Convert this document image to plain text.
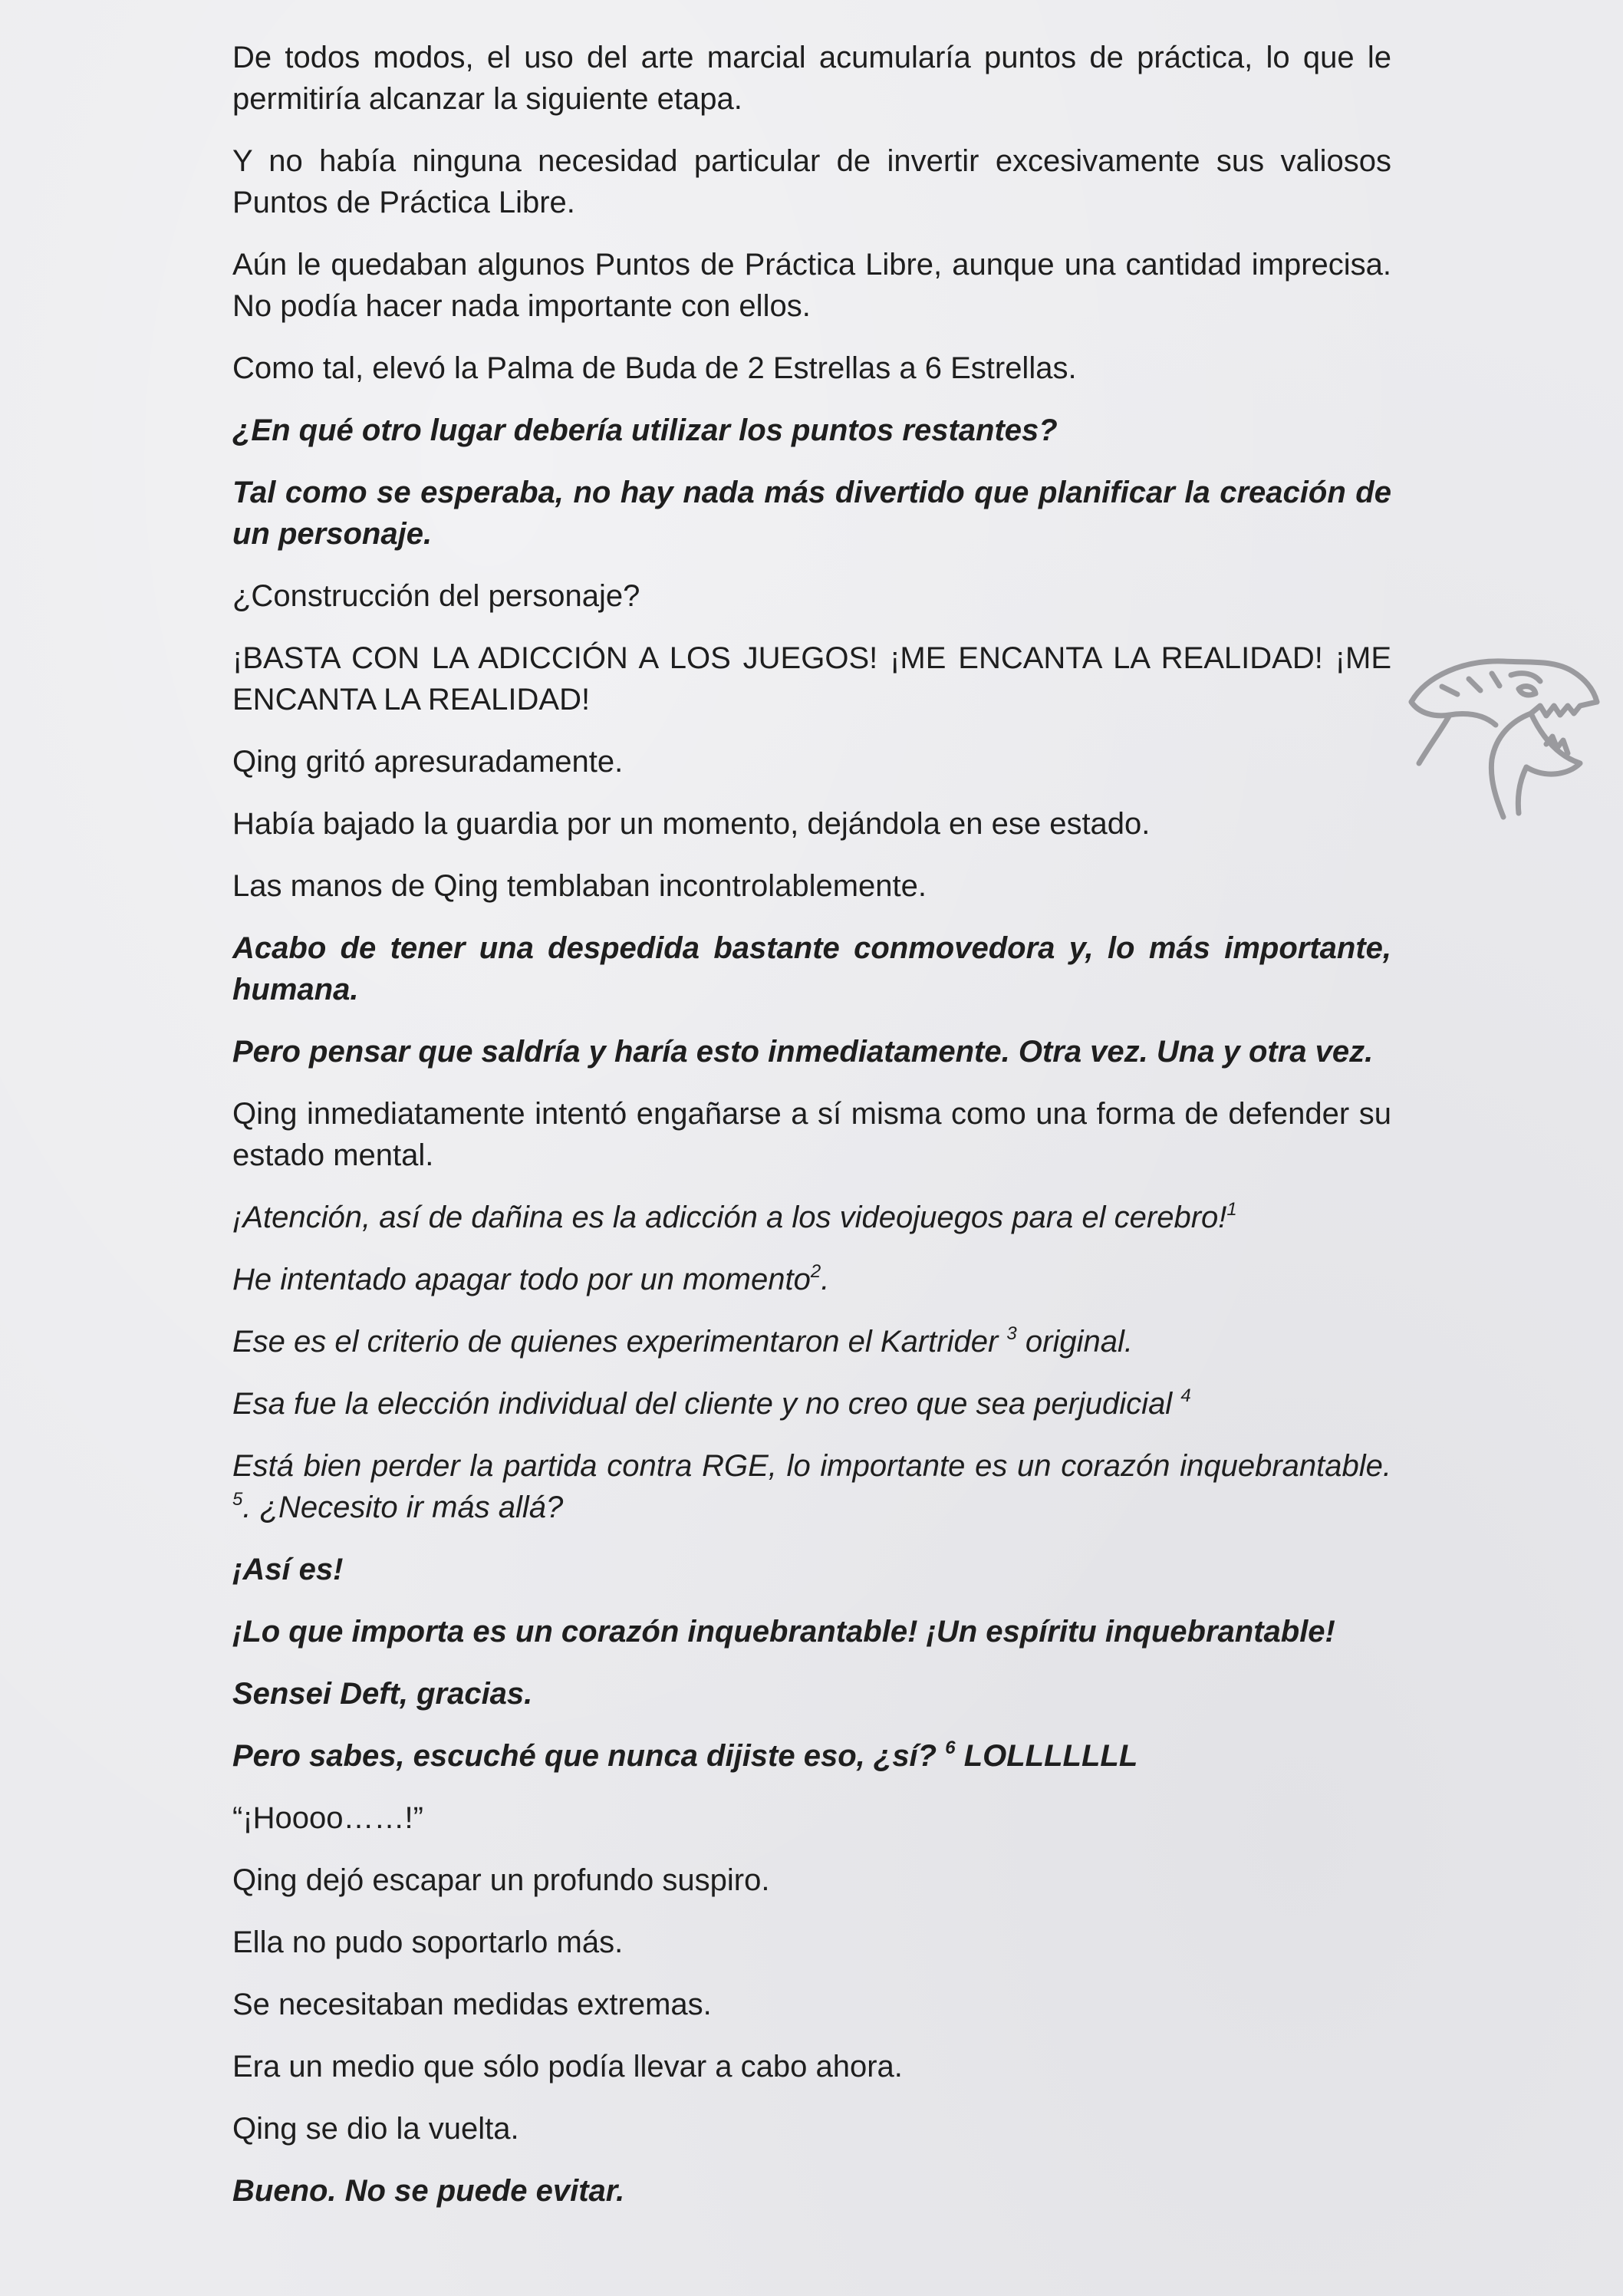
De todos modos, el uso del arte marcial acumularía puntos de práctica, lo que le permitiría alcanzar la siguiente etapa.

Y no había ninguna necesidad particular de invertir excesivamente sus valiosos Puntos de Práctica Libre.

Aún le quedaban algunos Puntos de Práctica Libre, aunque una cantidad imprecisa. No podía hacer nada importante con ellos.

Como tal, elevó la Palma de Buda de 2 Estrellas a 6 Estrellas.

¿En qué otro lugar debería utilizar los puntos restantes?

Tal como se esperaba, no hay nada más divertido que planificar la creación de un personaje.

¿Construcción del personaje?

¡BASTA CON LA ADICCIÓN A LOS JUEGOS! ¡ME ENCANTA LA REALIDAD! ¡ME ENCANTA LA REALIDAD!

Qing gritó apresuradamente.

Había bajado la guardia por un momento, dejándola en ese estado.

Las manos de Qing temblaban incontrolablemente.

Acabo de tener una despedida bastante conmovedora y, lo más importante, humana.

Pero pensar que saldría y haría esto inmediatamente. Otra vez. Una y otra vez.

Qing inmediatamente intentó engañarse a sí misma como una forma de defender su estado mental.

¡Atención, así de dañina es la adicción a los videojuegos para el cerebro!$^1$

He intentado apagar todo por un momento$^2$.

Ese es el criterio de quienes experimentaron el Kartrider $^3$ original.

Esa fue la elección individual del cliente y no creo que sea perjudicial $^4$

Está bien perder la partida contra RGE, lo importante es un corazón inquebrantable. $^5$. ¿Necesito ir más allá?

¡Así es!

¡Lo que importa es un corazón inquebrantable! ¡Un espíritu inquebrantable!

Sensei Deft, gracias.

Pero sabes, escuché que nunca dijiste eso, ¿sí? $^6$ LOLLLLLLL

“¡Hoooo……!”

Qing dejó escapar un profundo suspiro.

Ella no pudo soportarlo más.

Se necesitaban medidas extremas.

Era un medio que sólo podía llevar a cabo ahora.

Qing se dio la vuelta.

Bueno. No se puede evitar.
